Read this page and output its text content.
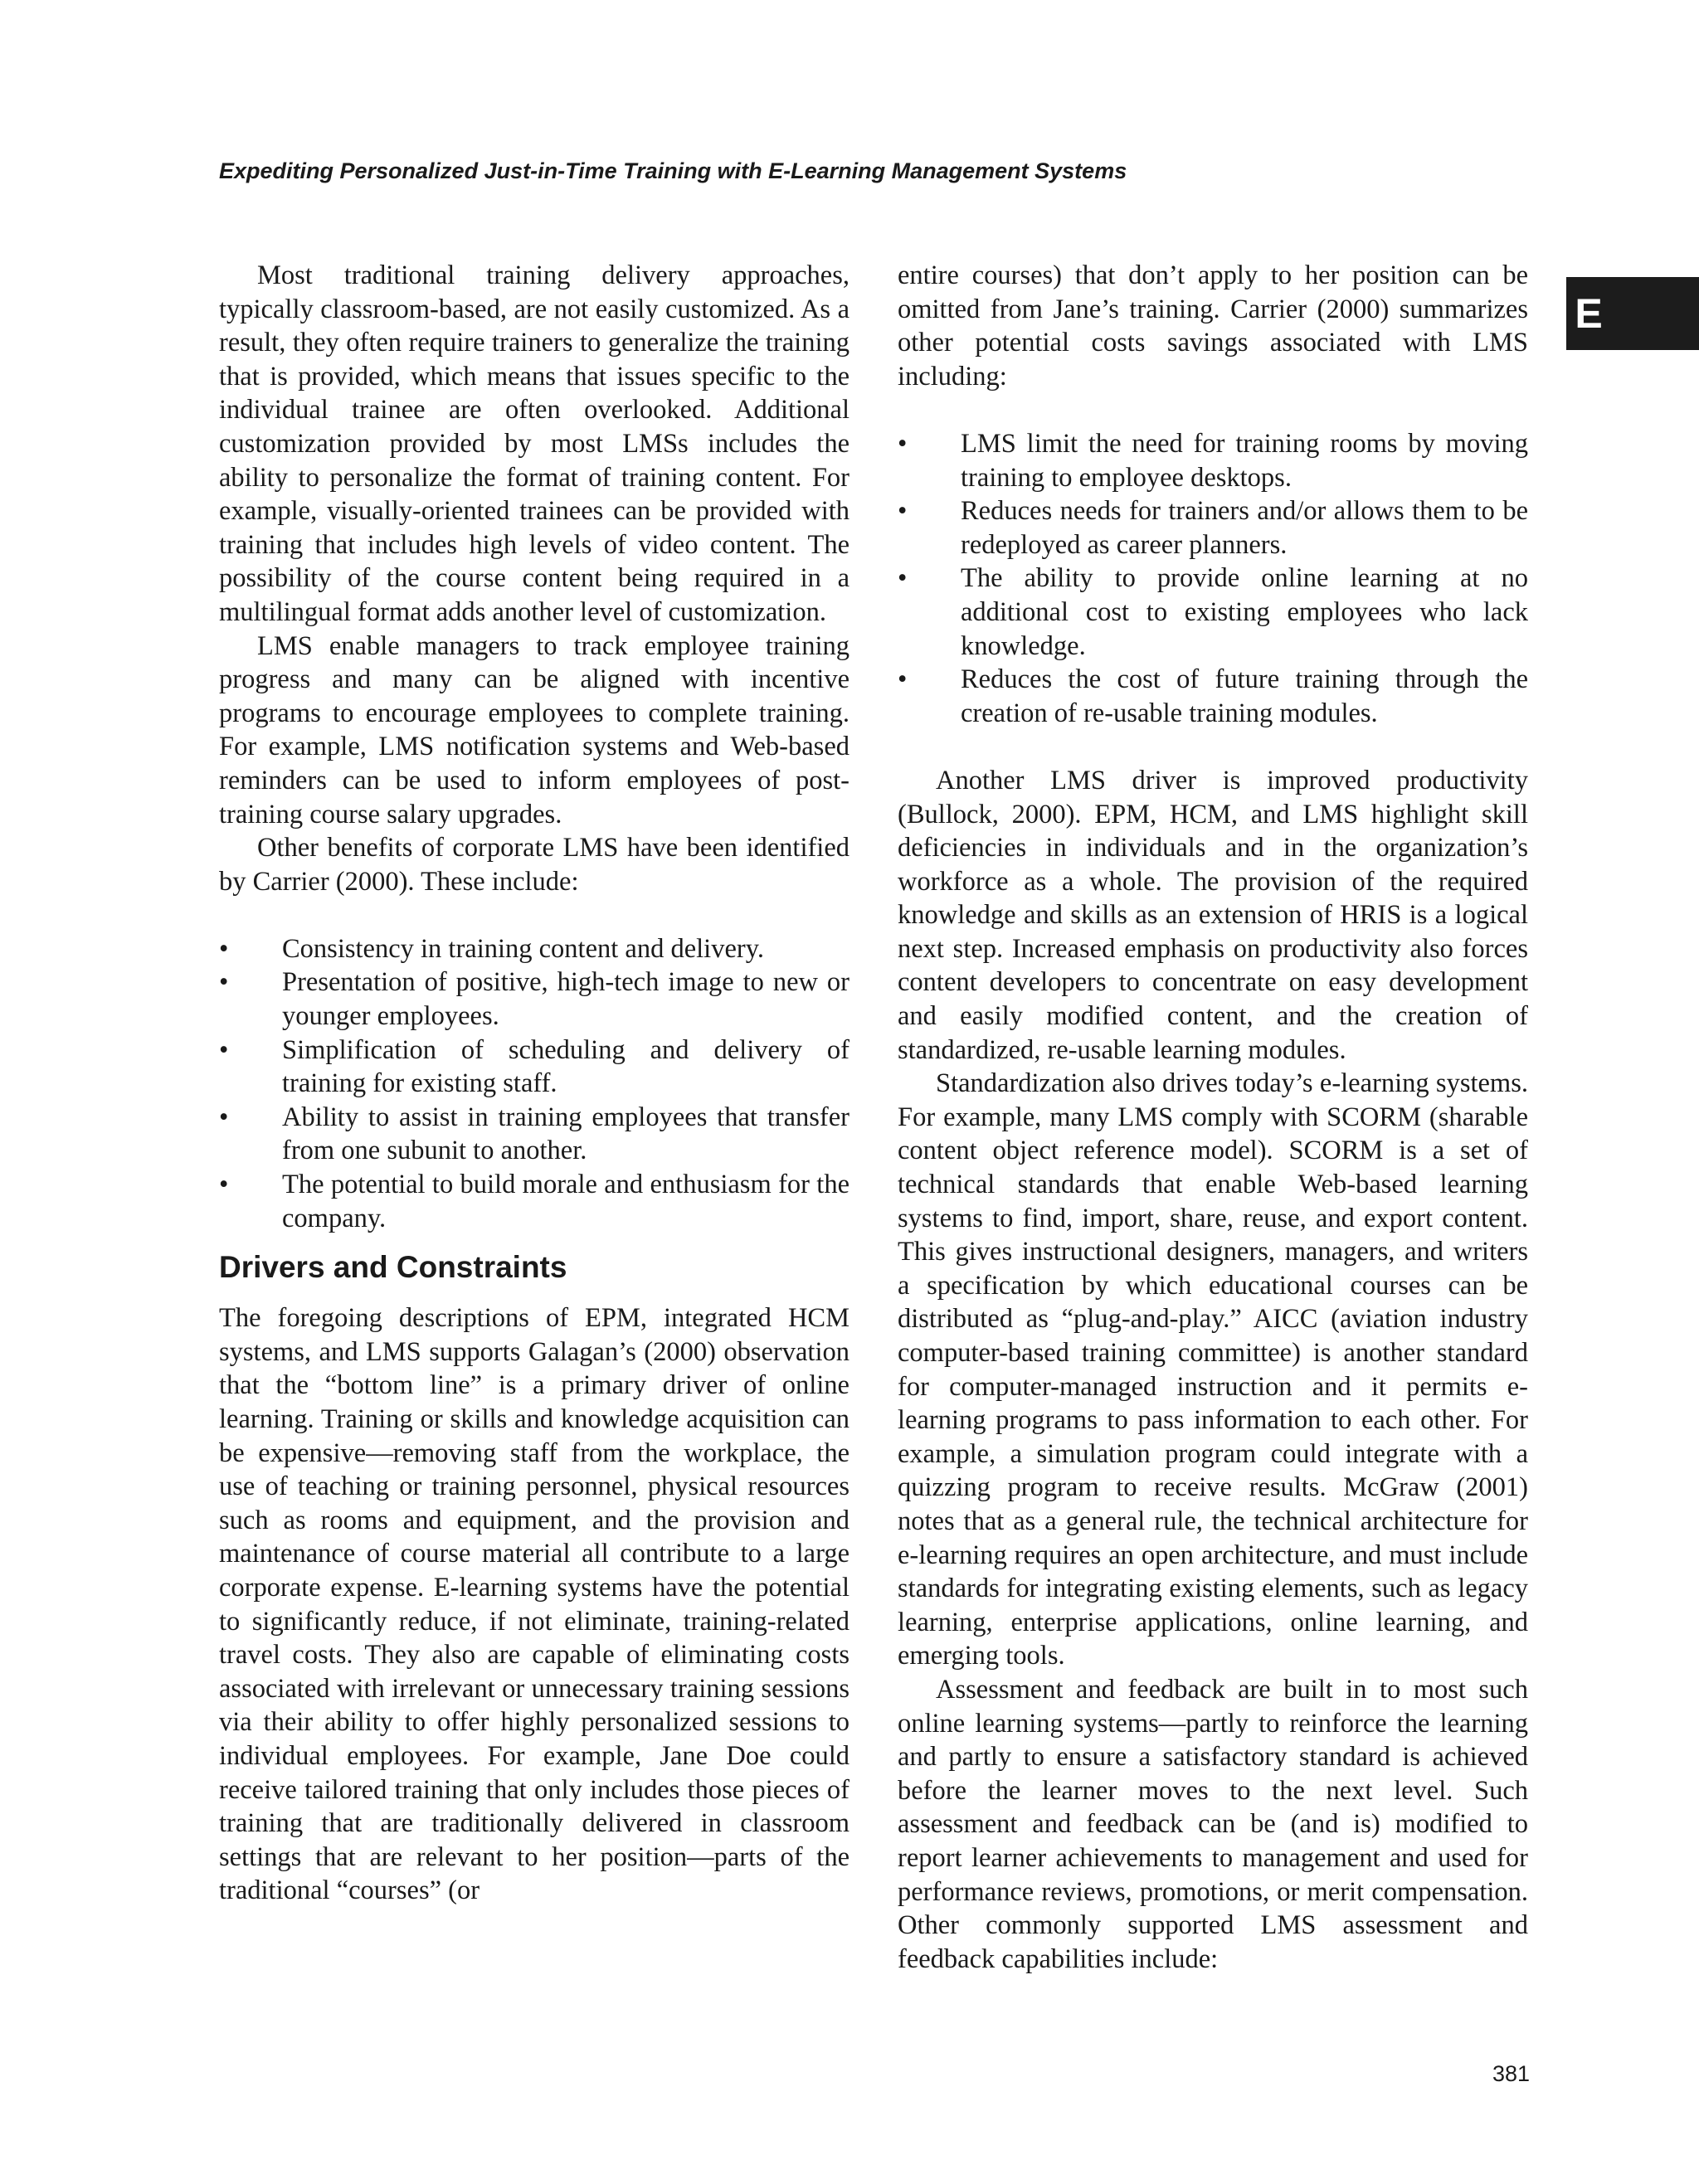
Expediting Personalized Just-in-Time Training with E-Learning Management Systems
E

Most traditional training delivery approaches, typically classroom-based, are not easily customized. As a result, they often require trainers to generalize the training that is provided, which means that issues specific to the individual trainee are often overlooked. Additional customization provided by most LMSs includes the ability to personalize the format of training content. For example, visually-oriented trainees can be provided with training that includes high levels of video content. The possibility of the course content being required in a multilingual format adds another level of customization.

LMS enable managers to track employee training progress and many can be aligned with incentive programs to encourage employees to complete training. For example, LMS notification systems and Web-based reminders can be used to inform employees of post-training course salary upgrades.

Other benefits of corporate LMS have been identified by Carrier (2000). These include:

•	Consistency in training content and delivery.
•	Presentation of positive, high-tech image to new or younger employees.
•	Simplification of scheduling and delivery of training for existing staff.
•	Ability to assist in training employees that transfer from one subunit to another.
•	The potential to build morale and enthusiasm for the company.
Drivers and Constraints

The foregoing descriptions of EPM, integrated HCM systems, and LMS supports Galagan’s (2000) observation that the “bottom line” is a primary driver of online learning. Training or skills and knowledge acquisition can be expensive—removing staff from the workplace, the use of teaching or training personnel, physical resources such as rooms and equipment, and the provision and maintenance of course material all contribute to a large corporate expense. E-learning systems have the potential to significantly reduce, if not eliminate, training-related travel costs. They also are capable of eliminating costs associated with irrelevant or unnecessary training sessions via their ability to offer highly personalized sessions to individual employees. For example, Jane Doe could receive tailored training that only includes those pieces of training that are traditionally delivered in classroom settings that are relevant to her position—parts of the traditional “courses” (or

entire courses) that don’t apply to her position can be omitted from Jane’s training. Carrier (2000) summarizes other potential costs savings associated with LMS including:

•	LMS limit the need for training rooms by moving training to employee desktops.
•	Reduces needs for trainers and/or allows them to be redeployed as career planners.
•	The ability to provide online learning at no additional cost to existing employees who lack knowledge.
•	Reduces the cost of future training through the creation of re-usable training modules.

Another LMS driver is improved productivity (Bullock, 2000). EPM, HCM, and LMS highlight skill deficiencies in individuals and in the organization’s workforce as a whole. The provision of the required knowledge and skills as an extension of HRIS is a logical next step. Increased emphasis on productivity also forces content developers to concentrate on easy development and easily modified content, and the creation of standardized, re-usable learning modules.

Standardization also drives today’s e-learning systems. For example, many LMS comply with SCORM (sharable content object reference model). SCORM is a set of technical standards that enable Web-based learning systems to find, import, share, reuse, and export content. This gives instructional designers, managers, and writers a specification by which educational courses can be distributed as “plug-and-play.” AICC (aviation industry computer-based training committee) is another standard for computer-managed instruction and it permits e-learning programs to pass information to each other. For example, a simulation program could integrate with a quizzing program to receive results. McGraw (2001) notes that as a general rule, the technical architecture for e-learning requires an open architecture, and must include standards for integrating existing elements, such as legacy learning, enterprise applications, online learning, and emerging tools.

Assessment and feedback are built in to most such online learning systems—partly to reinforce the learning and partly to ensure a satisfactory standard is achieved before the learner moves to the next level. Such assessment and feedback can be (and is) modified to report learner achievements to management and used for performance reviews, promotions, or merit compensation. Other commonly supported LMS assessment and feedback capabilities include:

381
